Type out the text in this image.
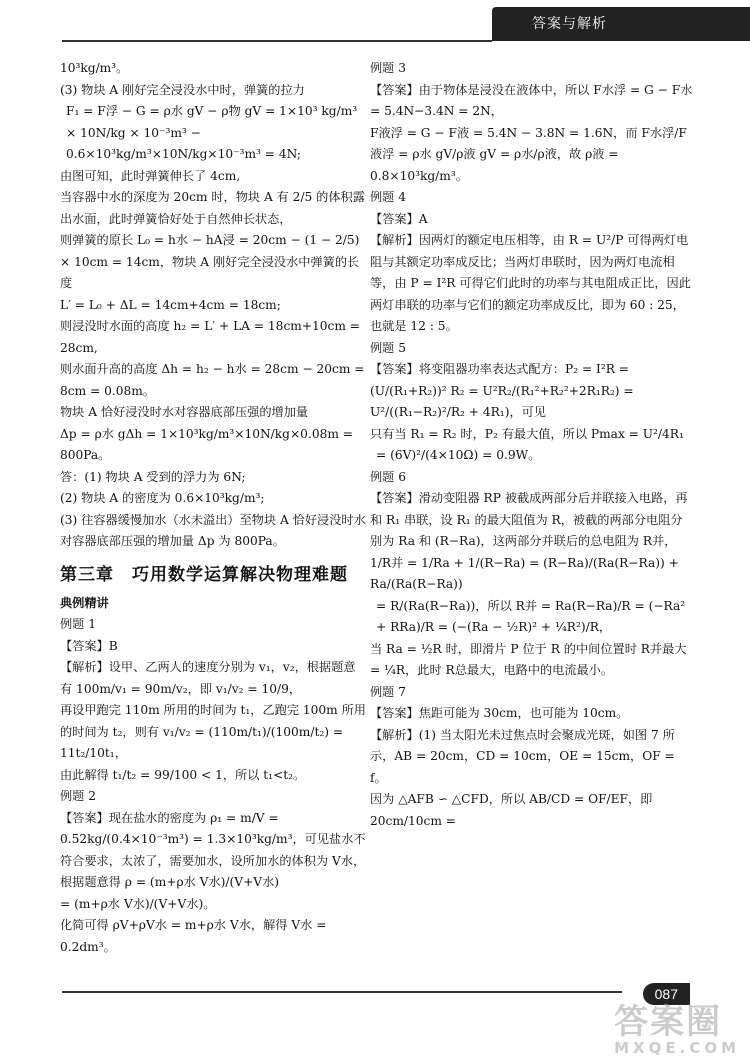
答案与解析

10³kg/m³。

(3) 物块 A 刚好完全浸没水中时，弹簧的拉力

F₁ = F浮 − G = ρ水 gV − ρ物 gV = 1×10³ kg/m³ × 10N/kg × 10⁻³m³ − 0.6×10³kg/m³×10N/kg×10⁻³m³ = 4N;

由图可知，此时弹簧伸长了 4cm,

当容器中水的深度为 20cm 时，物块 A 有 2/5 的体积露出水面，此时弹簧恰好处于自然伸长状态，

则弹簧的原长 L₀ = h水 − hA浸 = 20cm − (1 − 2/5) × 10cm = 14cm，物块 A 刚好完全浸没水中弹簧的长度

L′ = L₀ + ΔL = 14cm+4cm = 18cm;

则浸没时水面的高度 h₂ = L′ + LA = 18cm+10cm = 28cm,

则水面升高的高度 Δh = h₂ − h水 = 28cm − 20cm = 8cm = 0.08m。

物块 A 恰好浸没时水对容器底部压强的增加量

Δp = ρ水 gΔh = 1×10³kg/m³×10N/kg×0.08m = 800Pa。

答：(1) 物块 A 受到的浮力为 6N;

(2) 物块 A 的密度为 0.6×10³kg/m³;

(3) 往容器缓慢加水（水未溢出）至物块 A 恰好浸没时水对容器底部压强的增加量 Δp 为 800Pa。

第三章　巧用数学运算解决物理难题

典例精讲

例题 1

【答案】B

【解析】设甲、乙两人的速度分别为 v₁，v₂，根据题意有 100m/v₁ = 90m/v₂，即 v₁/v₂ = 10/9，

再设甲跑完 110m 所用的时间为 t₁，乙跑完 100m 所用的时间为 t₂，则有 v₁/v₂ = (110m/t₁)/(100m/t₂) = 11t₂/10t₁，

由此解得 t₁/t₂ = 99/100 < 1，所以 t₁<t₂。

例题 2

【答案】现在盐水的密度为 ρ₁ = m/V = 0.52kg/(0.4×10⁻³m³) = 1.3×10³kg/m³，可见盐水不符合要求，太浓了，需要加水，设所加水的体积为 V水，根据题意得 ρ = (m+ρ水 V水)/(V+V水)

= (m+ρ水 V水)/(V+V水)。

化简可得 ρV+ρV水 = m+ρ水 V水，解得 V水 = 0.2dm³。

例题 3

【答案】由于物体是浸没在液体中，所以 F水浮 = G − F水 = 5.4N−3.4N = 2N，

F液浮 = G − F液 = 5.4N − 3.8N = 1.6N，而 F水浮/F液浮 = ρ水 gV/ρ液 gV = ρ水/ρ液，故 ρ液 = 0.8×10³kg/m³。

例题 4

【答案】A

【解析】因两灯的额定电压相等，由 R = U²/P 可得两灯电阻与其额定功率成反比；当两灯串联时，因为两灯电流相等，由 P = I²R 可得它们此时的功率与其电阻成正比，因此两灯串联的功率与它们的额定功率成反比，即为 60 : 25，也就是 12 : 5。

例题 5

【答案】将变阻器功率表达式配方：P₂ = I²R = (U/(R₁+R₂))² R₂ = U²R₂/(R₁²+R₂²+2R₁R₂) = U²/((R₁−R₂)²/R₂ + 4R₁)，可见

只有当 R₁ = R₂ 时，P₂ 有最大值，所以 Pmax = U²/4R₁

= (6V)²/(4×10Ω) = 0.9W。

例题 6

【答案】滑动变阻器 RP 被截成两部分后并联接入电路，再和 R₁ 串联，设 R₁ 的最大阻值为 R，被截的两部分电阻分别为 Ra 和 (R−Ra)，这两部分并联后的总电阻为 R并，1/R并 = 1/Ra + 1/(R−Ra) = (R−Ra)/(Ra(R−Ra)) + Ra/(Ra(R−Ra))

= R/(Ra(R−Ra))，所以 R并 = Ra(R−Ra)/R = (−Ra² + RRa)/R = (−(Ra − ½R)² + ¼R²)/R，

当 Ra = ½R 时，即滑片 P 位于 R 的中间位置时 R并最大 = ¼R，此时 R总最大，电路中的电流最小。

例题 7

【答案】焦距可能为 30cm，也可能为 10cm。

【解析】(1) 当太阳光未过焦点时会聚成光斑，如图 7 所示，AB = 20cm，CD = 10cm，OE = 15cm，OF = f。

因为 △AFB ∽ △CFD，所以 AB/CD = OF/EF，即 20cm/10cm =

087
答案圈
MXQE.COM
